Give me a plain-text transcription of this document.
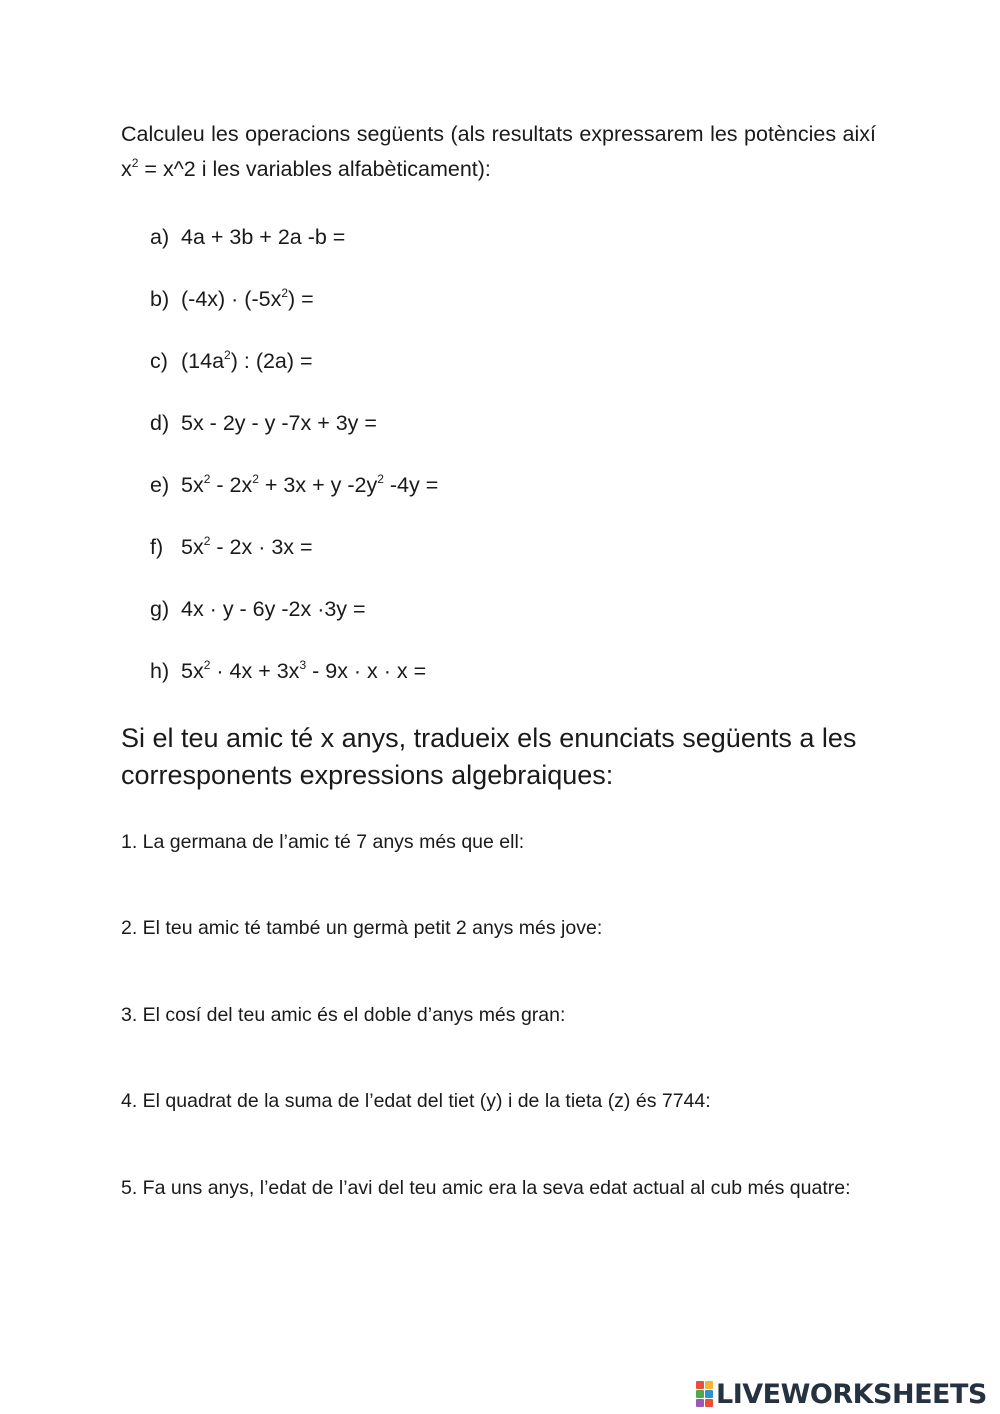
Calculeu les operacions següents (als resultats expressarem les potències així $x^2$ = x^2 i les variables alfabèticament):

a) 4a + 3b + 2a -b =
b) $(-4x) \cdot (-5x^2)$ =
c) $(14a^2)$ : (2a) =
d) 5x - 2y - y -7x + 3y =
e) $5x^2 - 2x^2 + 3x + y$ $-2y^2$ -4y =
f) $5x^2 - 2x \cdot 3x$ =
g) 4x · y - 6y -2x ·3y =
h) $5x^2 \cdot 4x + 3x^3 - 9x \cdot x \cdot x$ =
Si el teu amic té x anys, tradueix els enunciats següents a les corresponents expressions algebraiques:

1. La germana de l’amic té 7 anys més que ell:

2. El teu amic té també un germà petit 2 anys més jove:

3. El cosí del teu amic és el doble d’anys més gran:

4. El quadrat de la suma de l’edat del tiet (y) i de la tieta (z) és 7744:

5. Fa uns anys, l’edat de l’avi del teu amic era la seva edat actual al cub més quatre:

LIVEWORKSHEETS
